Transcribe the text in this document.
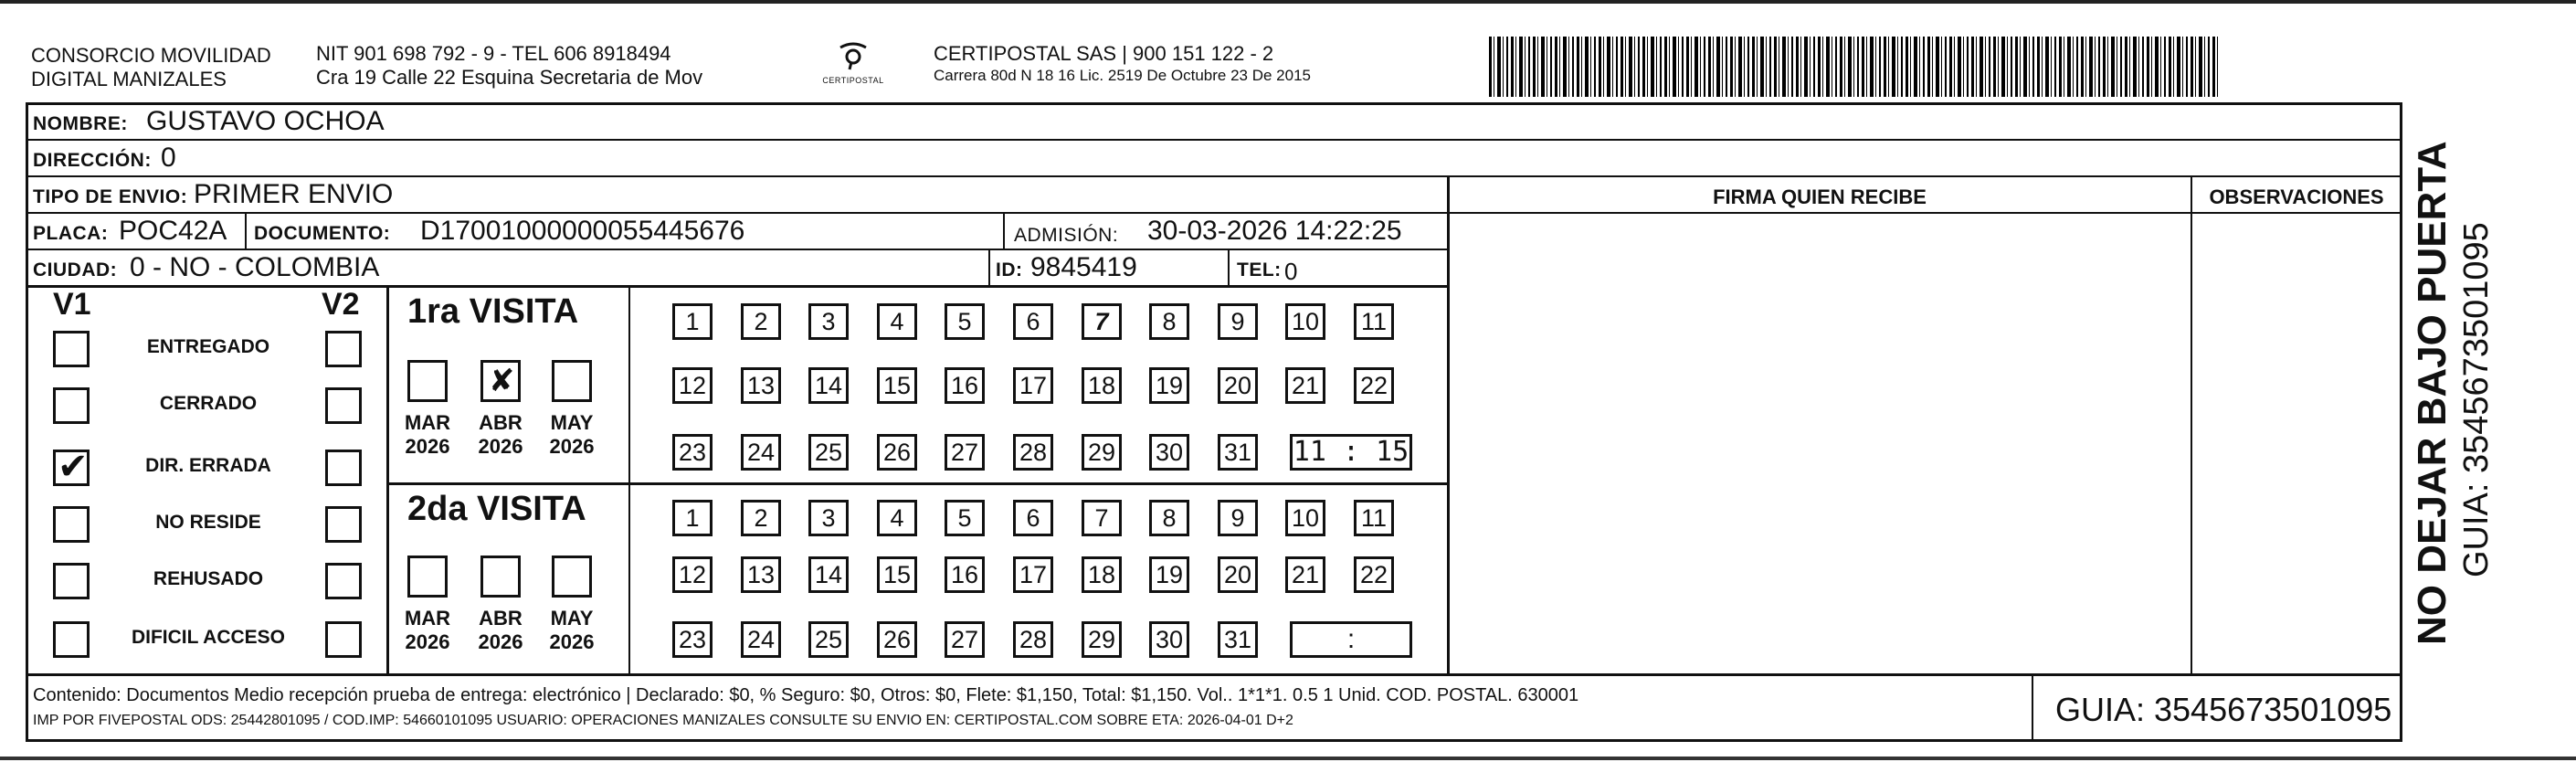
CONSORCIO MOVILIDAD
DIGITAL MANIZALES
NIT 901 698 792 - 9 - TEL 606 8918494
Cra 19 Calle 22 Esquina Secretaria de Mov	CERTIPOSTAL
CERTIPOSTAL SAS | 900 151 122 - 2
Carrera 80d N 18 16 Lic. 2519 De Octubre 23 De 2015
NOMBRE: GUSTAVO OCHOA
DIRECCIÓN: 0
TIPO DE ENVIO: PRIMER ENVIO
PLACA: POC42A DOCUMENTO: D17001000000055445676	ADMISIÓN: 30-03-2026 14:22:25
CIUDAD: 0 - NO - COLOMBIA	ID: 9845419	TEL: 0
FIRMA QUIEN RECIBE	OBSERVACIONES
V1	V2
ENTREGADO
CERRADO
✔	DIR. ERRADA
NO RESIDE
REHUSADO
DIFICIL ACCESO
1ra VISITA
MAR
2026
✘
ABR
2026
MAY
2026
1	2	3	4	5	6	7	8	9	10 11
12 13 14 15 16 17 18 19 20 21 22
23 24 25 26 27 28 29 30 31 11 : 15
2da VISITA
MAR
2026
ABR
2026
MAY
2026
1	2	3	4	5	6	7	8	9	10 11
12 13 14 15 16 17 18 19 20 21 22
23 24 25 26 27 28 29 30 31	:
Contenido: Documentos Medio recepción prueba de entrega: electrónico | Declarado: $0, % Seguro: $0, Otros: $0, Flete: $1,150, Total: $1,150. Vol.. 1*1*1. 0.5 1 Unid. COD. POSTAL. 630001
IMP POR FIVEPOSTAL ODS: 25442801095 / COD.IMP: 54660101095 USUARIO: OPERACIONES MANIZALES CONSULTE SU ENVIO EN: CERTIPOSTAL.COM SOBRE ETA: 2026-04-01 D+2	GUIA: 3545673501095
NO DEJAR BAJO PUERTA GUIA: 3545673501095
